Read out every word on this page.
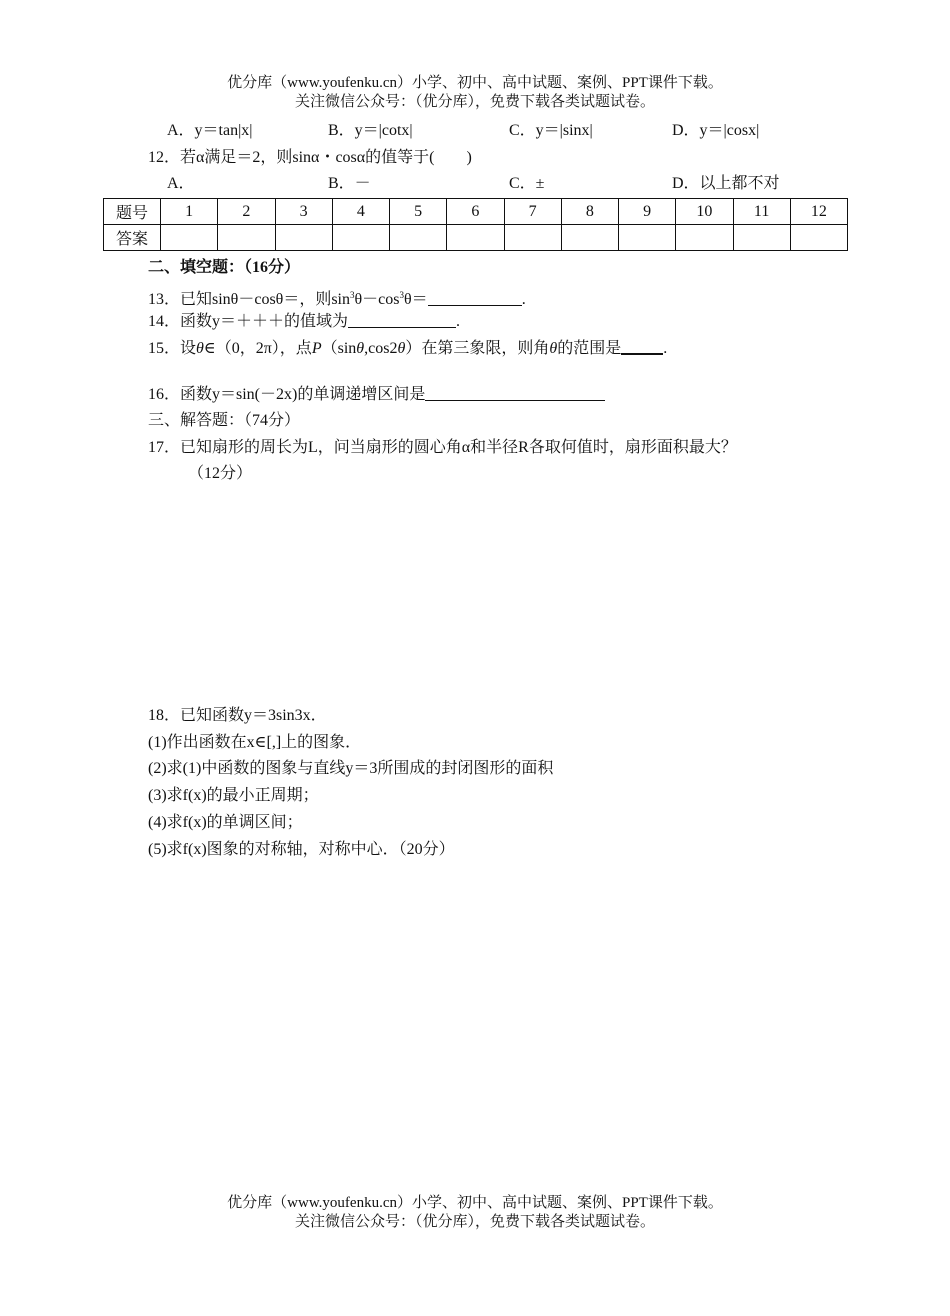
优分库（www.youfenku.cn）小学、初中、高中试题、案例、PPT课件下载。
关注微信公众号：（优分库），免费下载各类试题试卷。
A．y＝tan|x|	B．y＝|cotx|	C．y＝|sinx|	D．y＝|cosx|
12．若α满足＝2，则sinα・cosα的值等于(　　)
A．	B．－	C．±	D．以上都不对
题号	1	2	3	4	5	6	7	8	9	10	11	12
答案												
二、填空题：（16分）
13．已知sinθ－cosθ＝，则$\sin^3\theta-\cos^3\theta=$	.
14．函数y＝＋＋＋的值域为	.
15．设θ∈（0，2π），点P（sinθ,cos2θ）在第三象限，则角θ的范围是	.
16．函数y＝sin(－2x)的单调递增区间是
三、解答题：（74分）
17．已知扇形的周长为L，问当扇形的圆心角α和半径R各取何值时，扇形面积最大？
（12分）
18．已知函数y＝3sin3x．
(1)作出函数在x∈[,]上的图象．
(2)求(1)中函数的图象与直线y＝3所围成的封闭图形的面积
(3)求f(x)的最小正周期；
(4)求f(x)的单调区间；
(5)求f(x)图象的对称轴，对称中心．（20分）
优分库（www.youfenku.cn）小学、初中、高中试题、案例、PPT课件下载。
关注微信公众号：（优分库），免费下载各类试题试卷。
